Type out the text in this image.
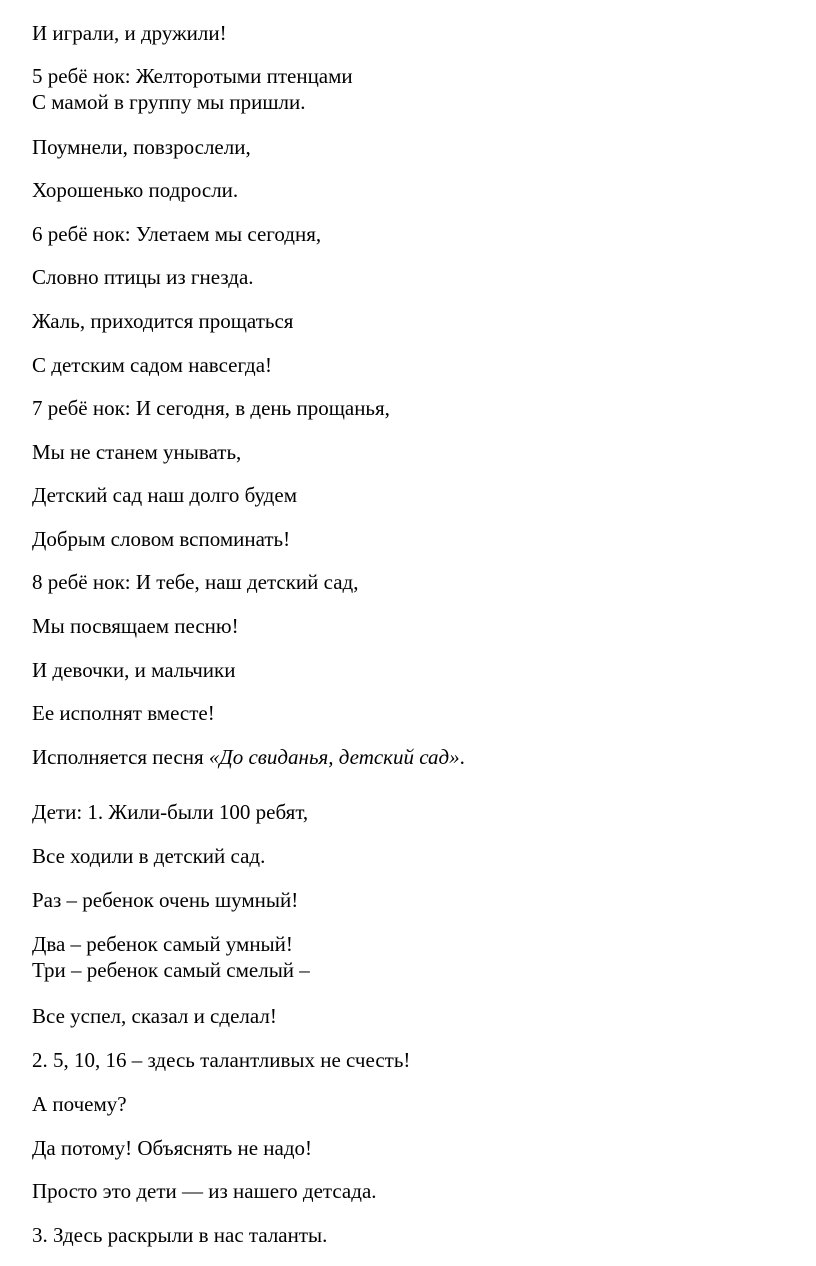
И играли, и дружили!
5 ребё нок: Желторотыми птенцами
С мамой в группу мы пришли.
Поумнели, повзрослели,
Хорошенько подросли.
6 ребё нок: Улетаем мы сегодня,
Словно птицы из гнезда.
Жаль, приходится прощаться
С детским садом навсегда!
7 ребё нок: И сегодня, в день прощанья,
Мы не станем унывать,
Детский сад наш долго будем
Добрым словом вспоминать!
8 ребё нок: И тебе, наш детский сад,
Мы посвящаем песню!
И девочки, и мальчики
Ее исполнят вместе!
Исполняется песня «До свиданья, детский сад».
Дети: 1. Жили-были 100 ребят,
Все ходили в детский сад.
Раз – ребенок очень шумный!
Два – ребенок самый умный!
Три – ребенок самый смелый –
Все успел, сказал и сделал!
2. 5, 10, 16 – здесь талантливых не счесть!
А почему?
Да потому! Объяснять не надо!
Просто это дети — из нашего детсада.
3. Здесь раскрыли в нас таланты.
